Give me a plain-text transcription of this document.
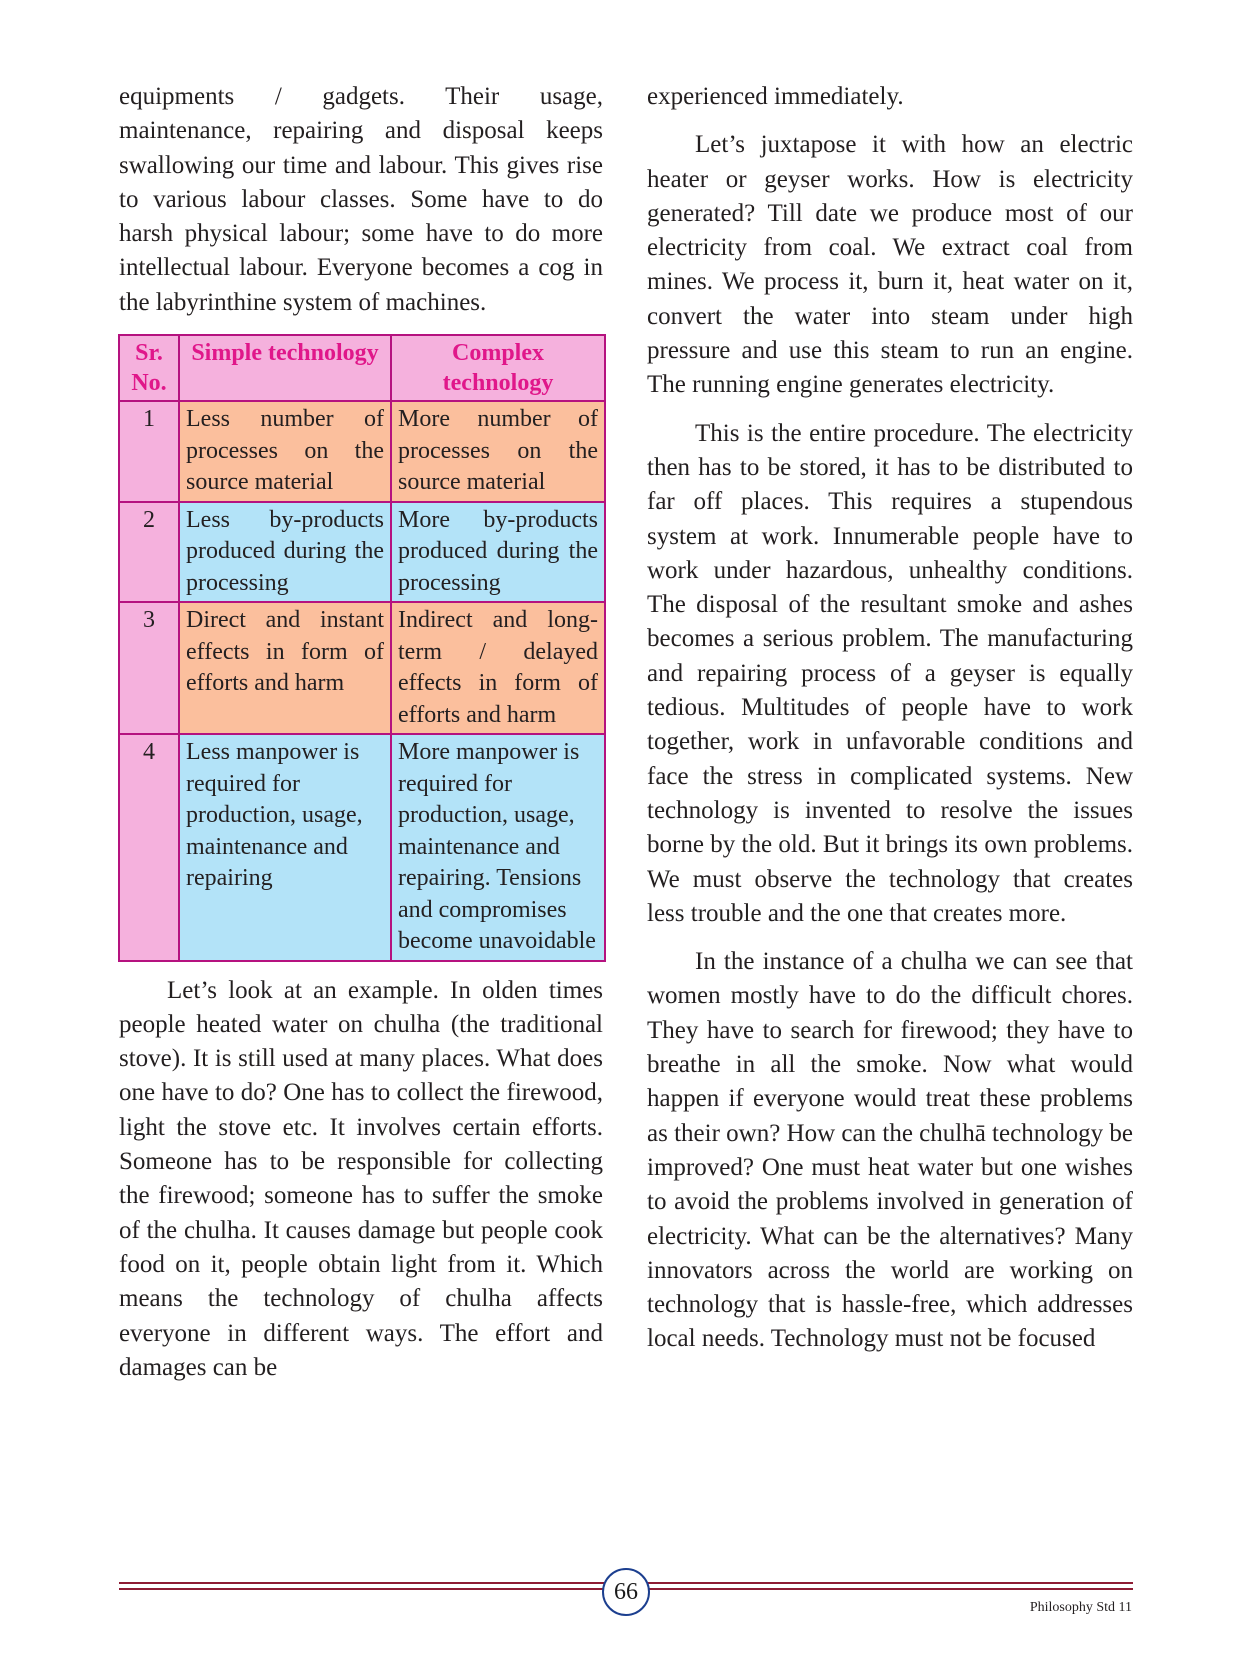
equipments / gadgets. Their usage, maintenance, repairing and disposal keeps swallowing our time and labour. This gives rise to various labour classes. Some have to do harsh physical labour; some have to do more intellectual labour. Everyone becomes a cog in the labyrinthine system of machines.

Sr. No.	Simple technology	Complex technology
1	Less number of processes on the source material	More number of processes on the source material
2	Less by-products produced during the processing	More by-products produced during the processing
3	Direct and instant effects in form of efforts and harm	Indirect and long-term / delayed effects in form of efforts and harm
4	Less manpower is required for production, usage, maintenance and repairing	More manpower is required for production, usage, maintenance and repairing. Tensions and compromises become unavoidable

Let’s look at an example. In olden times people heated water on chulha (the traditional stove). It is still used at many places. What does one have to do? One has to collect the firewood, light the stove etc. It involves certain efforts. Someone has to be responsible for collecting the firewood; someone has to suffer the smoke of the chulha. It causes damage but people cook food on it, people obtain light from it. Which means the technology of chulha affects everyone in different ways. The effort and damages can be

experienced immediately.

Let’s juxtapose it with how an electric heater or geyser works. How is electricity generated? Till date we produce most of our electricity from coal. We extract coal from mines. We process it, burn it, heat water on it, convert the water into steam under high pressure and use this steam to run an engine. The running engine generates electricity.

This is the entire procedure. The electricity then has to be stored, it has to be distributed to far off places. This requires a stupendous system at work. Innumerable people have to work under hazardous, unhealthy conditions. The disposal of the resultant smoke and ashes becomes a serious problem. The manufacturing and repairing process of a geyser is equally tedious. Multitudes of people have to work together, work in unfavorable conditions and face the stress in complicated systems. New technology is invented to resolve the issues borne by the old. But it brings its own problems. We must observe the technology that creates less trouble and the one that creates more.

In the instance of a chulha we can see that women mostly have to do the difficult chores. They have to search for firewood; they have to breathe in all the smoke. Now what would happen if everyone would treat these problems as their own? How can the chulhā technology be improved? One must heat water but one wishes to avoid the problems involved in generation of electricity. What can be the alternatives? Many innovators across the world are working on technology that is hassle-free, which addresses local needs. Technology must not be focused

66
Philosophy Std 11
